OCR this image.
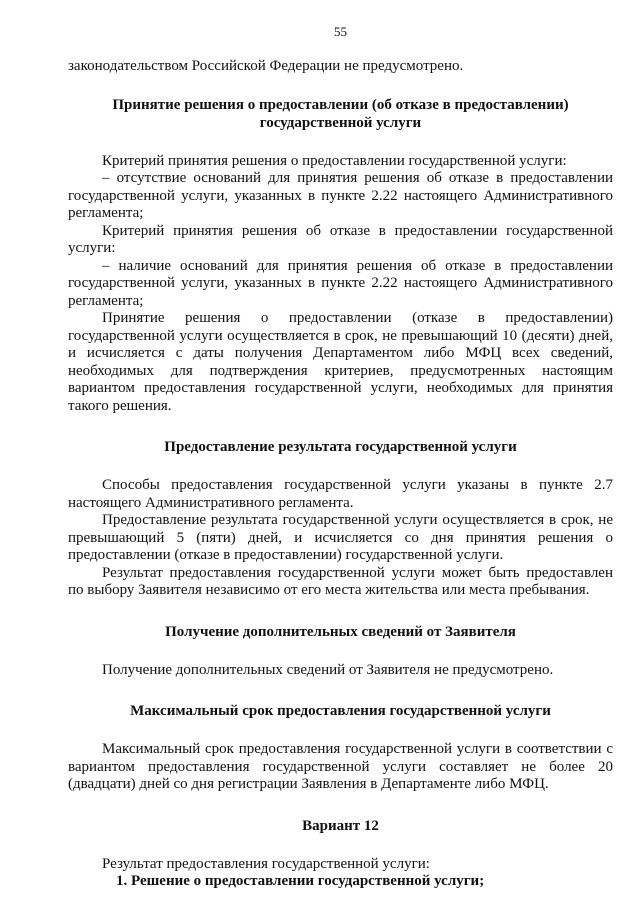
55

законодательством Российской Федерации не предусмотрено.

Принятие решения о предоставлении (об отказе в предоставлении)
государственной услуги

Критерий принятия решения о предоставлении государственной услуги:

– отсутствие оснований для принятия решения об отказе в предоставлении государственной услуги, указанных в пункте 2.22 настоящего Административного регламента;

Критерий принятия решения об отказе в предоставлении государственной услуги:

– наличие оснований для принятия решения об отказе в предоставлении государственной услуги, указанных в пункте 2.22 настоящего Административного регламента;

Принятие решения о предоставлении (отказе в предоставлении) государственной услуги осуществляется в срок, не превышающий 10 (десяти) дней, и исчисляется с даты получения Департаментом либо МФЦ всех сведений, необходимых для подтверждения критериев, предусмотренных настоящим вариантом предоставления государственной услуги, необходимых для принятия такого решения.

Предоставление результата государственной услуги

Способы предоставления государственной услуги указаны в пункте 2.7 настоящего Административного регламента.

Предоставление результата государственной услуги осуществляется в срок, не превышающий 5 (пяти) дней, и исчисляется со дня принятия решения о предоставлении (отказе в предоставлении) государственной услуги.

Результат предоставления государственной услуги может быть предоставлен по выбору Заявителя независимо от его места жительства или места пребывания.

Получение дополнительных сведений от Заявителя

Получение дополнительных сведений от Заявителя не предусмотрено.

Максимальный срок предоставления государственной услуги

Максимальный срок предоставления государственной услуги в соответствии с вариантом предоставления государственной услуги составляет не более 20 (двадцати) дней со дня регистрации Заявления в Департаменте либо МФЦ.

Вариант 12

Результат предоставления государственной услуги:

1. Решение о предоставлении государственной услуги;
